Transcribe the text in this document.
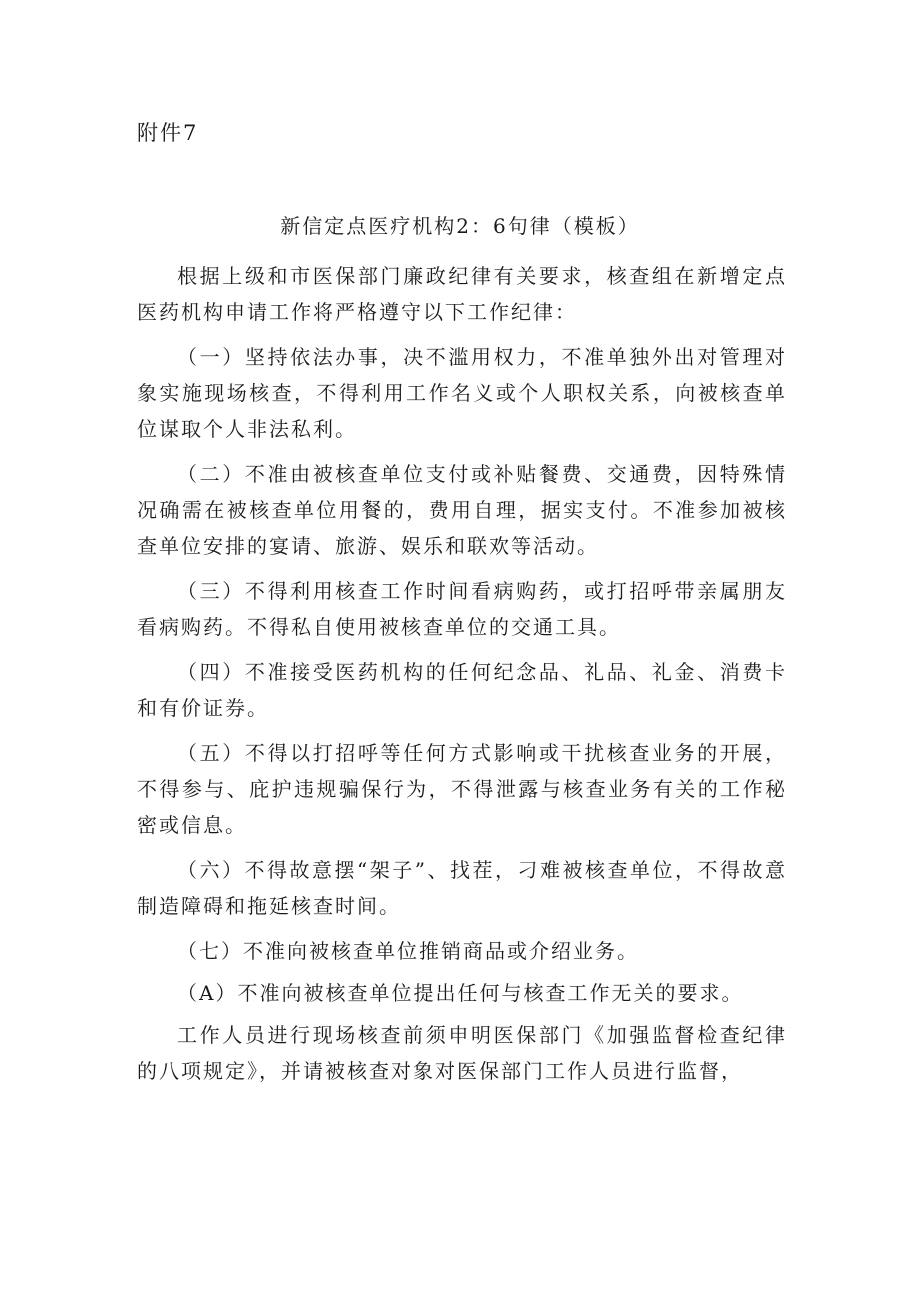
附件7
新信定点医疗机构2：6句律（模板）

根据上级和市医保部门廉政纪律有关要求，核查组在新增定点医药机构申请工作将严格遵守以下工作纪律：

（一）坚持依法办事，决不滥用权力，不准单独外出对管理对象实施现场核查，不得利用工作名义或个人职权关系，向被核查单位谋取个人非法私利。

（二）不准由被核查单位支付或补贴餐费、交通费，因特殊情况确需在被核查单位用餐的，费用自理，据实支付。不准参加被核查单位安排的宴请、旅游、娱乐和联欢等活动。

（三）不得利用核查工作时间看病购药，或打招呼带亲属朋友看病购药。不得私自使用被核查单位的交通工具。

（四）不准接受医药机构的任何纪念品、礼品、礼金、消费卡和有价证券。

（五）不得以打招呼等任何方式影响或干扰核查业务的开展，不得参与、庇护违规骗保行为，不得泄露与核查业务有关的工作秘密或信息。

（六）不得故意摆“架子”、找茬，刁难被核查单位，不得故意制造障碍和拖延核查时间。

（七）不准向被核查单位推销商品或介绍业务。

（A）不准向被核查单位提出任何与核查工作无关的要求。

工作人员进行现场核查前须申明医保部门《加强监督检查纪律的八项规定》，并请被核查对象对医保部门工作人员进行监督，
